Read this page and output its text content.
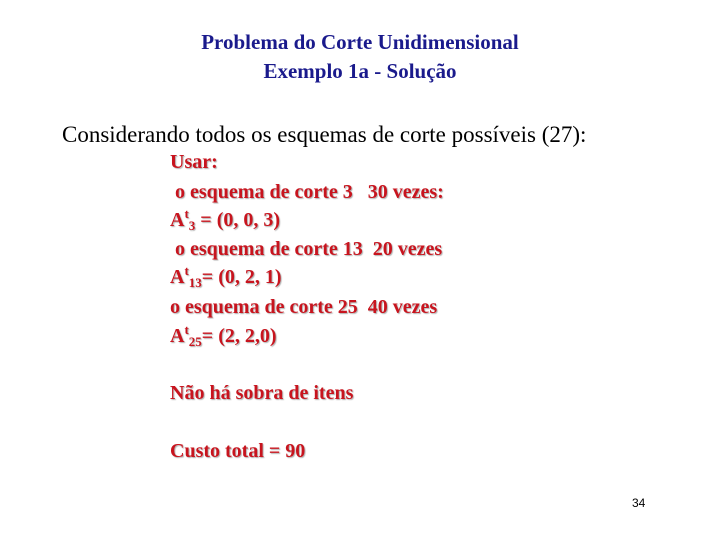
Problema do Corte Unidimensional
Exemplo 1a - Solução
Considerando todos os esquemas de corte possíveis (27):
Usar:
o esquema de corte 3   30 vezes:
$A^t_3 = (0$, 0, 3)
o esquema de corte 13  20 vezes
$A^t_{13}= (0$, 2, 1)
o esquema de corte 25  40 vezes
$A^t_{25}= (2$, 2,0)
Não há sobra de itens
Custo total = 90
34
